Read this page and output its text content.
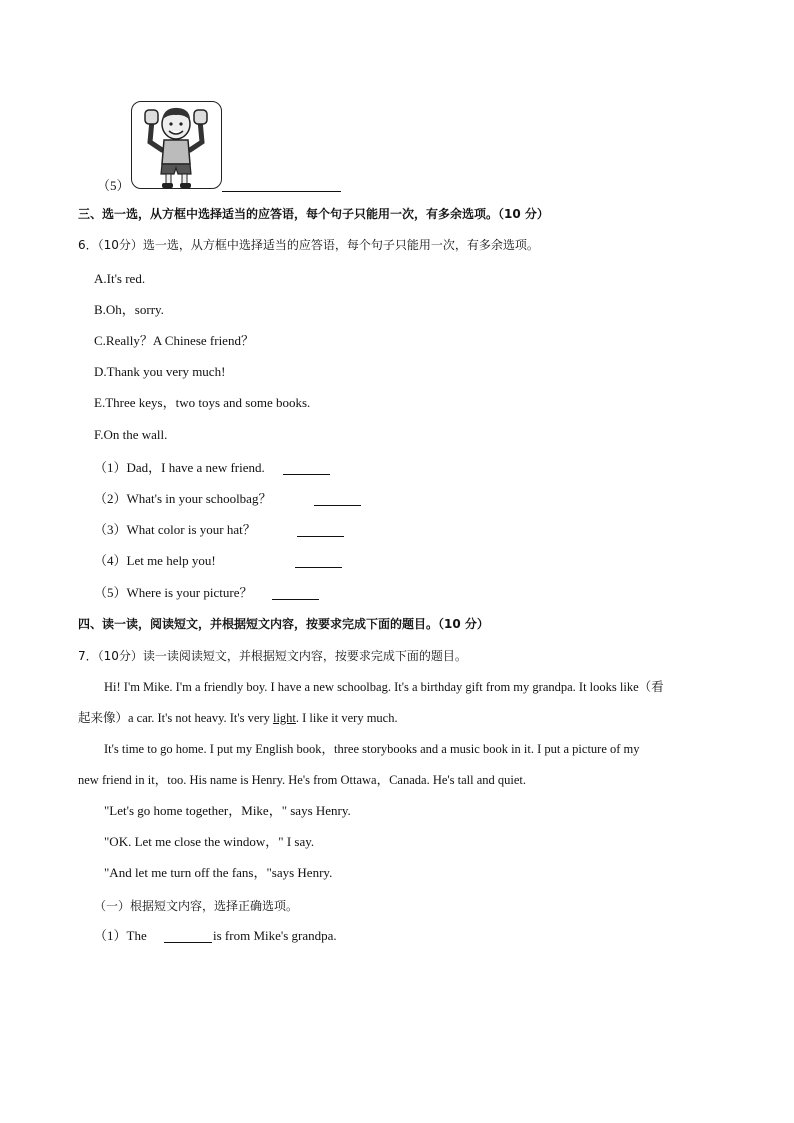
（5）
三、选一选，从方框中选择适当的应答语，每个句子只能用一次，有多余选项。（10 分）
6．（10分）选一选，从方框中选择适当的应答语，每个句子只能用一次，有多余选项。
A.It's red.
B.Oh，sorry.
C.Really？A Chinese friend？
D.Thank you very much!
E.Three keys，two toys and some books.
F.On the wall.
（1）Dad，I have a new friend.
（2）What's in your schoolbag？
（3）What color is your hat？
（4）Let me help you!
（5）Where is your picture？
四、读一读，阅读短文，并根据短文内容，按要求完成下面的题目。（10 分）
7．（10分）读一读阅读短文，并根据短文内容，按要求完成下面的题目。
Hi! I'm Mike. I'm a friendly boy. I have a new schoolbag. It's a birthday gift from my grandpa. It looks like（看
起来像）a car. It's not heavy. It's very light. I like it very much.
It's time to go home. I put my English book，three storybooks and a music book in it. I put a picture of my
new friend in it，too. His name is Henry. He's from Ottawa，Canada. He's tall and quiet.
"Let's go home together，Mike，" says Henry.
"OK. Let me close the window，" I say.
"And let me turn off the fans，"says Henry.
（一）根据短文内容，选择正确选项。
（1）The	is from Mike's grandpa.
